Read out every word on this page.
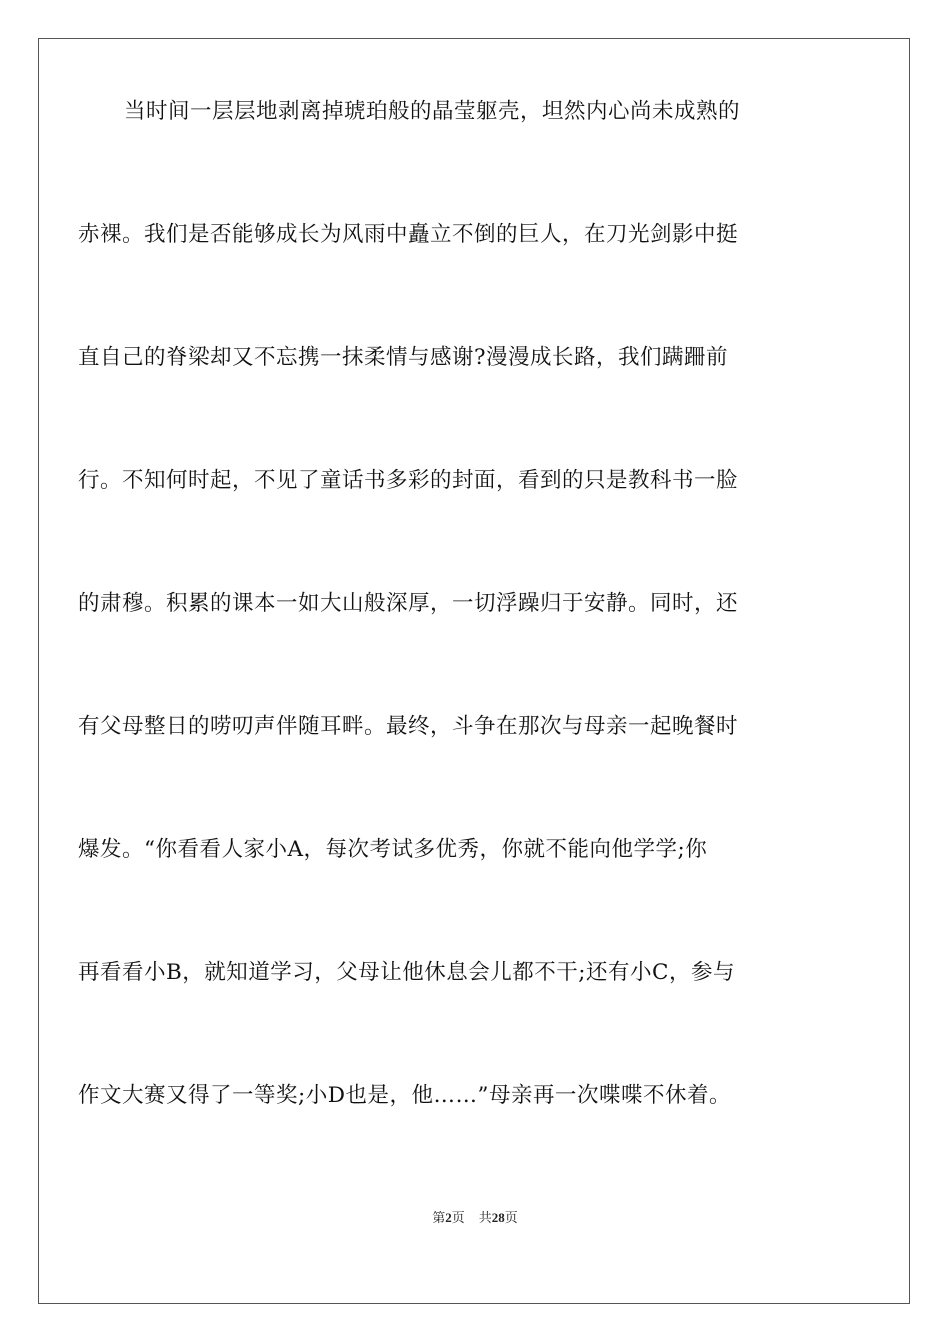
当时间一层层地剥离掉琥珀般的晶莹躯壳，坦然内心尚未成熟的
赤裸。我们是否能够成长为风雨中矗立不倒的巨人，在刀光剑影中挺
直自己的脊梁却又不忘携一抹柔情与感谢?漫漫成长路，我们蹒跚前
行。不知何时起，不见了童话书多彩的封面，看到的只是教科书一脸
的肃穆。积累的课本一如大山般深厚，一切浮躁归于安静。同时，还
有父母整日的唠叨声伴随耳畔。最终，斗争在那次与母亲一起晚餐时
爆发。“你看看人家小A，每次考试多优秀，你就不能向他学学;你
再看看小B，就知道学习，父母让他休息会儿都不干;还有小C，参与
作文大赛又得了一等奖;小D也是，他……”母亲再一次喋喋不休着。
第2页 共28页
